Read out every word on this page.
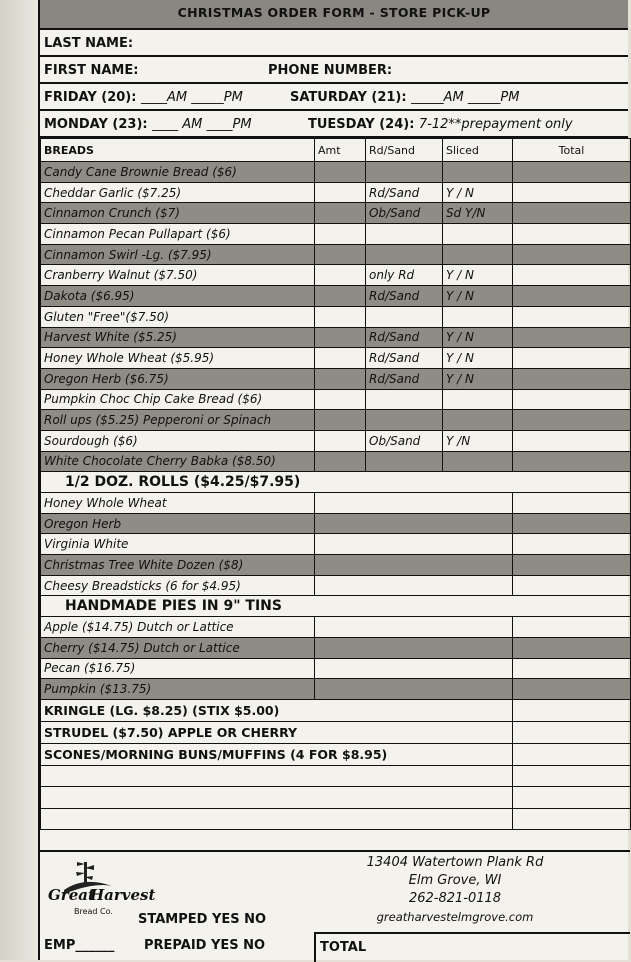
CHRISTMAS ORDER FORM - STORE PICK-UP
LAST NAME:
FIRST NAME:	PHONE NUMBER:
FRIDAY (20): ____AM _____PM	SATURDAY (21): _____AM _____PM
MONDAY (23): ____ AM ____PM	TUESDAY (24): 7-12**prepayment only
BREADS	Amt	Rd/Sand	Sliced	Total
Candy Cane Brownie Bread ($6)				
Cheddar Garlic ($7.25)		Rd/Sand	Y / N	
Cinnamon Crunch ($7)		Ob/Sand	Sd Y/N	
Cinnamon Pecan Pullapart ($6)				
Cinnamon Swirl -Lg. ($7.95)				
Cranberry Walnut ($7.50)		only Rd	Y / N	
Dakota ($6.95)		Rd/Sand	Y / N	
Gluten "Free"($7.50)				
Harvest White ($5.25)		Rd/Sand	Y / N	
Honey Whole Wheat ($5.95)		Rd/Sand	Y / N	
Oregon Herb ($6.75)		Rd/Sand	Y / N	
Pumpkin Choc Chip Cake Bread ($6)				
Roll ups ($5.25) Pepperoni or Spinach				
Sourdough ($6)		Ob/Sand	Y /N	
White Chocolate Cherry Babka ($8.50)				
1/2 DOZ. ROLLS ($4.25/$7.95)				
Honey Whole Wheat				
Oregon Herb				
Virginia White				
Christmas Tree White Dozen ($8)				
Cheesy Breadsticks (6 for $4.95)				
HANDMADE PIES IN 9" TINS				
Apple ($14.75) Dutch or Lattice				
Cherry ($14.75) Dutch or Lattice				
Pecan ($16.75)				
Pumpkin ($13.75)				
KRINGLE (LG. $8.25) (STIX $5.00)				
STRUDEL ($7.50) APPLE OR CHERRY				
SCONES/MORNING BUNS/MUFFINS (4 FOR $8.95)				

Great
Harvest
Bread Co.
13404 Watertown Plank Rd
Elm Grove, WI
262-821-0118
greatharvestelmgrove.com
STAMPED YES NO
EMP______ PREPAID YES NO	TOTAL
